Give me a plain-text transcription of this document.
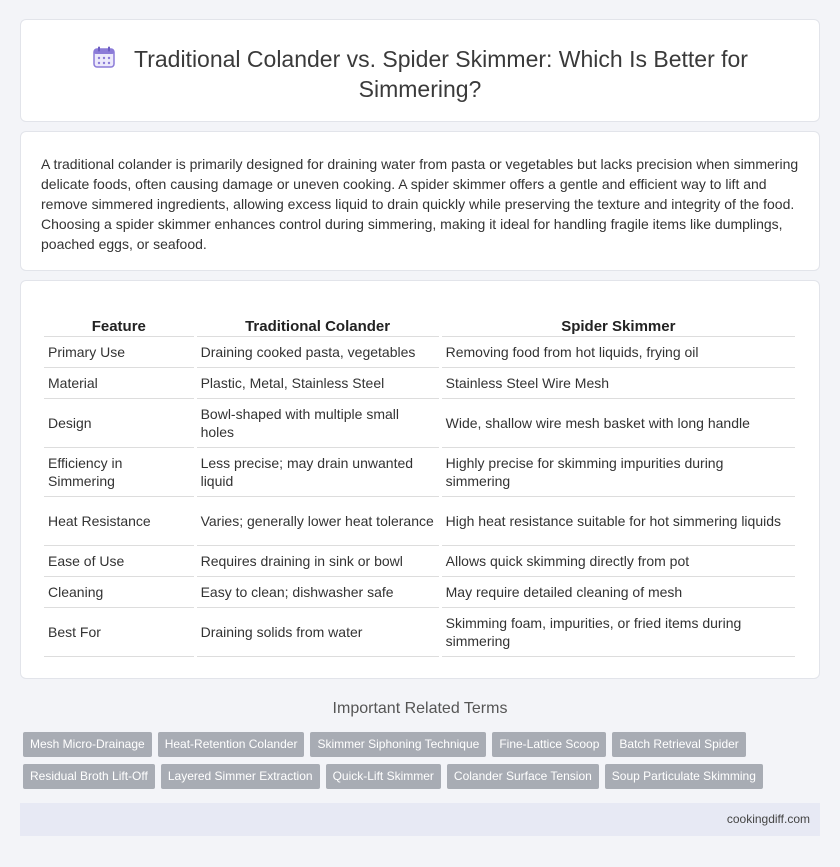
Traditional Colander vs. Spider Skimmer: Which Is Better for Simmering?

A traditional colander is primarily designed for draining water from pasta or vegetables but lacks precision when simmering delicate foods, often causing damage or uneven cooking. A spider skimmer offers a gentle and efficient way to lift and remove simmered ingredients, allowing excess liquid to drain quickly while preserving the texture and integrity of the food. Choosing a spider skimmer enhances control during simmering, making it ideal for handling fragile items like dumplings, poached eggs, or seafood.

Feature	Traditional Colander	Spider Skimmer
Primary Use	Draining cooked pasta, vegetables	Removing food from hot liquids, frying oil
Material	Plastic, Metal, Stainless Steel	Stainless Steel Wire Mesh
Design	Bowl-shaped with multiple small holes	Wide, shallow wire mesh basket with long handle
Efficiency in Simmering	Less precise; may drain unwanted liquid	Highly precise for skimming impurities during simmering
Heat Resistance	Varies; generally lower heat tolerance	High heat resistance suitable for hot simmering liquids
Ease of Use	Requires draining in sink or bowl	Allows quick skimming directly from pot
Cleaning	Easy to clean; dishwasher safe	May require detailed cleaning of mesh
Best For	Draining solids from water	Skimming foam, impurities, or fried items during simmering
Important Related Terms
Mesh Micro-Drainage	Heat-Retention Colander	Skimmer Siphoning Technique	Fine-Lattice Scoop	Batch Retrieval Spider
Residual Broth Lift-Off	Layered Simmer Extraction	Quick-Lift Skimmer	Colander Surface Tension	Soup Particulate Skimming
cookingdiff.com
